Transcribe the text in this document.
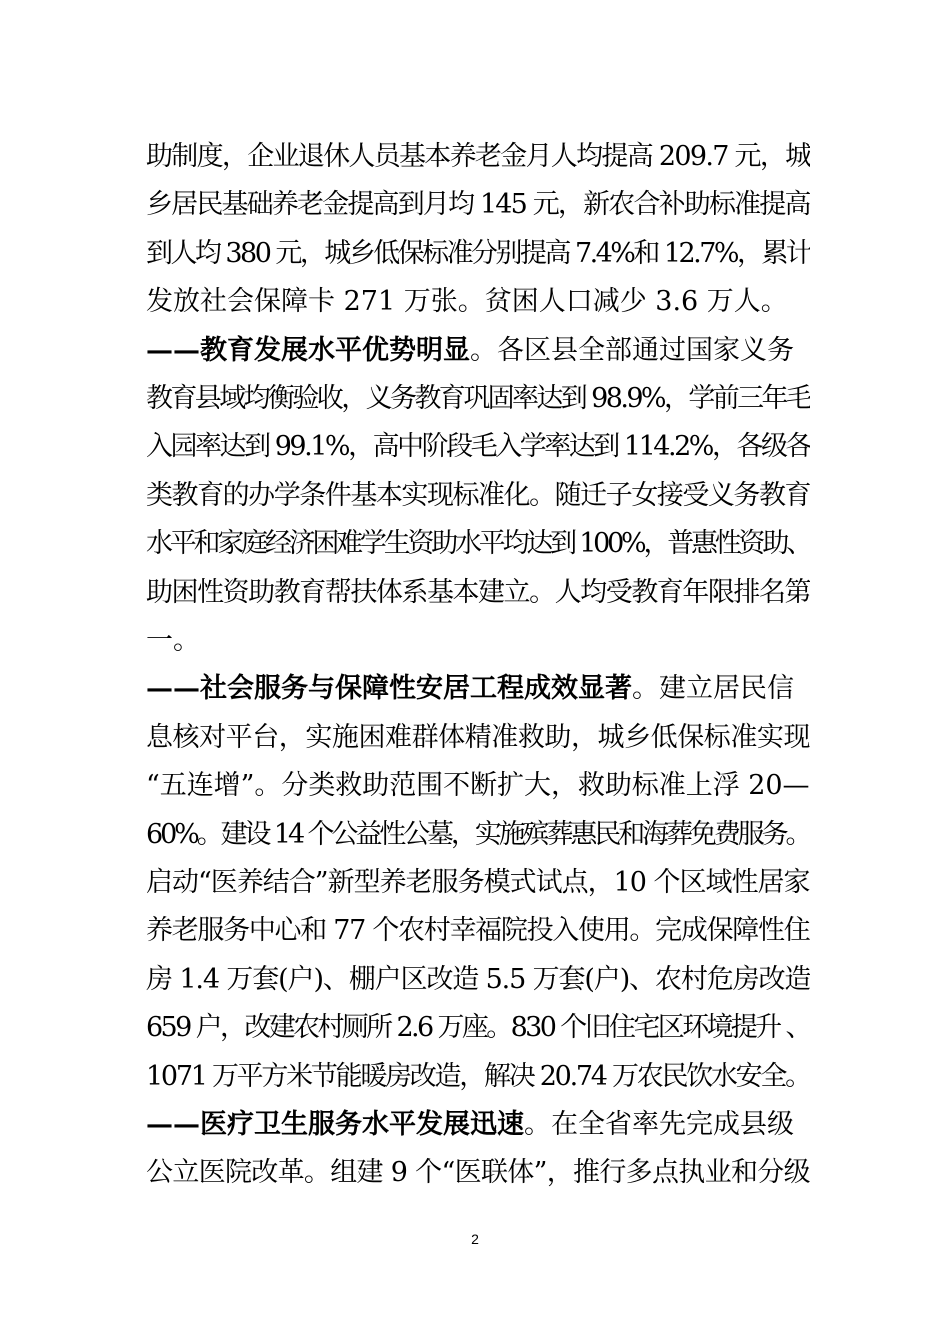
助制度，企业退休人员基本养老金月人均提高 209.7 元，城
乡居民基础养老金提高到月均 145 元，新农合补助标准提高
到人均 380 元，城乡低保标准分别提高 7.4%和 12.7%，累计
发放社会保障卡 271 万张。贫困人口减少 3.6 万人。
——教育发展水平优势明显。各区县全部通过国家义务
教育县域均衡验收，义务教育巩固率达到 98.9%，学前三年毛
入园率达到 99.1%，高中阶段毛入学率达到 114.2%，各级各
类教育的办学条件基本实现标准化。随迁子女接受义务教育
水平和家庭经济困难学生资助水平均达到 100%，普惠性资助、
助困性资助教育帮扶体系基本建立。人均受教育年限排名第
一。
——社会服务与保障性安居工程成效显著。建立居民信
息核对平台，实施困难群体精准救助，城乡低保标准实现
“五连增”。分类救助范围不断扩大，救助标准上浮 20—
60%。建设 14 个公益性公墓，实施殡葬惠民和海葬免费服务。
启动“医养结合”新型养老服务模式试点，10 个区域性居家
养老服务中心和 77 个农村幸福院投入使用。完成保障性住
房 1.4 万套(户)、棚户区改造 5.5 万套(户)、农村危房改造
659 户，改建农村厕所 2.6 万座。830 个旧住宅区环境提升 、
1071 万平方米节能暖房改造，解决 20.74 万农民饮水安全。
——医疗卫生服务水平发展迅速。在全省率先完成县级
公立医院改革。组建 9 个“医联体”，推行多点执业和分级
2
